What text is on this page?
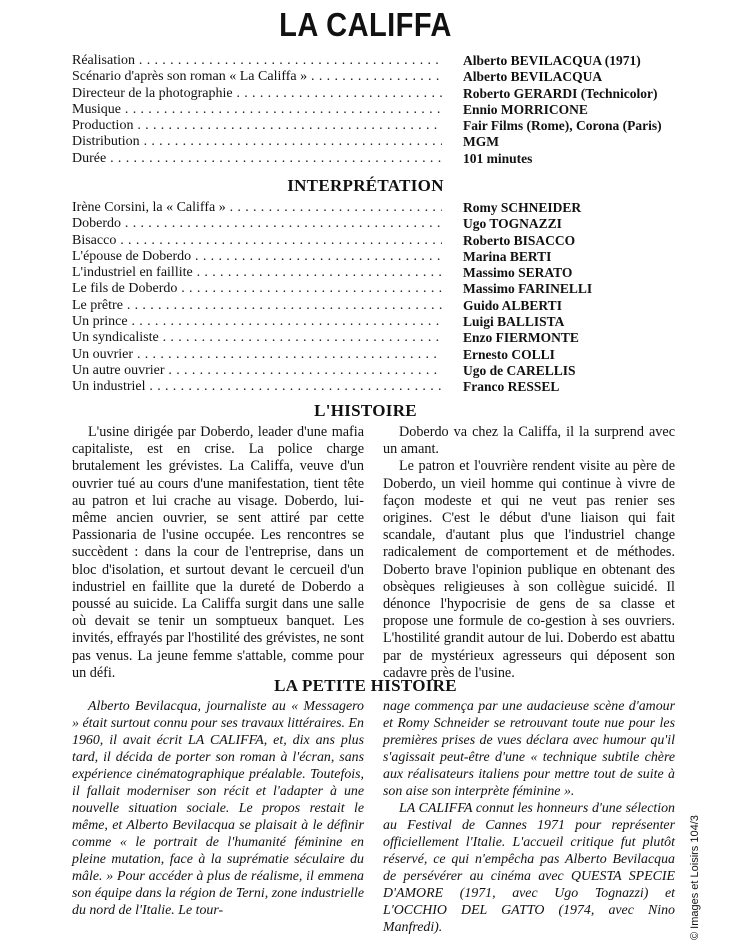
LA CALIFFA
Réalisation . . .	Alberto BEVILACQUA (1971)
Scénario d'après son roman « La Califfa » . . .	Alberto BEVILACQUA
Directeur de la photographie . . .	Roberto GERARDI (Technicolor)
Musique . . .	Ennio MORRICONE
Production . . .	Fair Films (Rome), Corona (Paris)
Distribution . . .	MGM
Durée . . .	101 minutes
INTERPRÉTATION
Irène Corsini, la « Califfa » . . .	Romy SCHNEIDER
Doberdo . . .	Ugo TOGNAZZI
Bisacco . . .	Roberto BISACCO
L'épouse de Doberdo . . .	Marina BERTI
L'industriel en faillite . . .	Massimo SERATO
Le fils de Doberdo . . .	Massimo FARINELLI
Le prêtre . . .	Guido ALBERTI
Un prince . . .	Luigi BALLISTA
Un syndicaliste . . .	Enzo FIERMONTE
Un ouvrier . . .	Ernesto COLLI
Un autre ouvrier . . .	Ugo de CARELLIS
Un industriel . . .	Franco RESSEL
L'HISTOIRE

L'usine dirigée par Doberdo, leader d'une mafia capitaliste, est en crise. La police charge brutalement les grévistes. La Califfa, veuve d'un ouvrier tué au cours d'une manifestation, tient tête au patron et lui crache au visage. Doberdo, lui-même ancien ouvrier, se sent attiré par cette Passionaria de l'usine occupée. Les rencontres se succèdent : dans la cour de l'entreprise, dans un bloc d'isolation, et surtout devant le cercueil d'un industriel en faillite que la dureté de Doberdo a poussé au suicide. La Califfa surgit dans une salle où devait se tenir un somptueux banquet. Les invités, effrayés par l'hostilité des grévistes, ne sont pas venus. La jeune femme s'attable, comme pour un défi.

Doberdo va chez la Califfa, il la surprend avec un amant.

Le patron et l'ouvrière rendent visite au père de Doberdo, un vieil homme qui continue à vivre de façon modeste et qui ne veut pas renier ses origines. C'est le début d'une liaison qui fait scandale, d'autant plus que l'industriel change radicalement de comportement et de méthodes. Doberto brave l'opinion publique en obtenant des obsèques religieuses à son collègue suicidé. Il dénonce l'hypocrisie de gens de sa classe et propose une formule de co-gestion à ses ouvriers. L'hostilité grandit autour de lui. Doberdo est abattu par de mystérieux agresseurs qui déposent son cadavre près de l'usine.

LA PETITE HISTOIRE

Alberto Bevilacqua, journaliste au « Messagero » était surtout connu pour ses travaux littéraires. En 1960, il avait écrit LA CALIFFA, et, dix ans plus tard, il décida de porter son roman à l'écran, sans expérience cinématographique préalable. Toutefois, il fallait moderniser son récit et l'adapter à une nouvelle situation sociale. Le propos restait le même, et Alberto Bevilacqua se plaisait à le définir comme « le portrait de l'humanité féminine en pleine mutation, face à la suprématie séculaire du mâle. » Pour accéder à plus de réalisme, il emmena son équipe dans la région de Terni, zone industrielle du nord de l'Italie. Le tour-

nage commença par une audacieuse scène d'amour et Romy Schneider se retrouvant toute nue pour les premières prises de vues déclara avec humour qu'il s'agissait peut-être d'une « technique subtile chère aux réalisateurs italiens pour mettre tout de suite à son aise son interprète féminine ».

LA CALIFFA connut les honneurs d'une sélection au Festival de Cannes 1971 pour représenter officiellement l'Italie. L'accueil critique fut plutôt réservé, ce qui n'empêcha pas Alberto Bevilacqua de persévérer au cinéma avec QUESTA SPECIE D'AMORE (1971, avec Ugo Tognazzi) et L'OCCHIO DEL GATTO (1974, avec Nino Manfredi).	© Images et Loisirs 104/3
